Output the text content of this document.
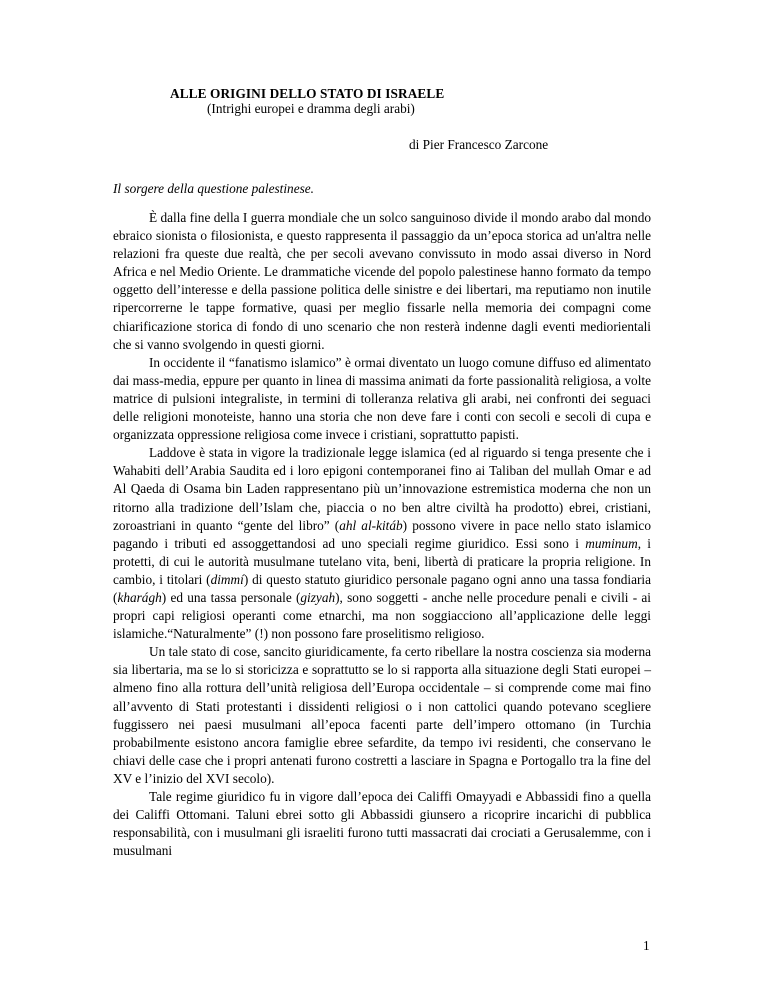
ALLE ORIGINI DELLO STATO DI ISRAELE
(Intrighi europei e dramma degli arabi)
di Pier Francesco Zarcone
Il sorgere della questione palestinese.

È dalla fine della I guerra mondiale che un solco sanguinoso divide il mondo arabo dal mondo ebraico sionista o filosionista, e questo rappresenta il passaggio da un’epoca storica ad un'altra nelle relazioni fra queste due realtà, che per secoli avevano convissuto in modo assai diverso in Nord Africa e nel Medio Oriente. Le drammatiche vicende del popolo palestinese hanno formato da tempo oggetto dell’interesse e della passione politica delle sinistre e dei libertari, ma reputiamo non inutile ripercorrerne le tappe formative, quasi per meglio fissarle nella memoria dei compagni come chiarificazione storica di fondo di uno scenario che non resterà indenne dagli eventi mediorientali che si vanno svolgendo in questi giorni.

In occidente il “fanatismo islamico” è ormai diventato un luogo comune diffuso ed alimentato dai mass-media, eppure per quanto in linea di massima animati da forte passionalità religiosa, a volte matrice di pulsioni integraliste, in termini di tolleranza relativa gli arabi, nei confronti dei seguaci delle religioni monoteiste, hanno una storia che non deve fare i conti con secoli e secoli di cupa e organizzata oppressione religiosa come invece i cristiani, soprattutto papisti.

Laddove è stata in vigore la tradizionale legge islamica (ed al riguardo si tenga presente che i Wahabiti dell’Arabia Saudita ed i loro epigoni contemporanei fino ai Taliban del mullah Omar e ad Al Qaeda di Osama bin Laden rappresentano più un’innovazione estremistica moderna che non un ritorno alla tradizione dell’Islam che, piaccia o no ben altre civiltà ha prodotto) ebrei, cristiani, zoroastriani in quanto “gente del libro” (ahl al-kitáb) possono vivere in pace nello stato islamico pagando i tributi ed assoggettandosi ad uno speciali regime giuridico. Essi sono i muminum, i protetti, di cui le autorità musulmane tutelano vita, beni, libertà di praticare la propria religione. In cambio, i titolari (dimmí) di questo statuto giuridico personale pagano ogni anno una tassa fondiaria (kharágh) ed una tassa personale (gizyah), sono soggetti - anche nelle procedure penali e civili - ai propri capi religiosi operanti come etnarchi, ma non soggiacciono all’applicazione delle leggi islamiche.“Naturalmente” (!) non possono fare proselitismo religioso.

Un tale stato di cose, sancito giuridicamente, fa certo ribellare la nostra coscienza sia moderna sia libertaria, ma se lo si storicizza e soprattutto se lo si rapporta alla situazione degli Stati europei – almeno fino alla rottura dell’unità religiosa dell’Europa occidentale – si comprende come mai fino all’avvento di Stati protestanti i dissidenti religiosi o i non cattolici quando potevano scegliere fuggissero nei paesi musulmani all’epoca facenti parte dell’impero ottomano (in Turchia probabilmente esistono ancora famiglie ebree sefardite, da tempo ivi residenti, che conservano le chiavi delle case che i propri antenati furono costretti a lasciare in Spagna e Portogallo tra la fine del XV e l’inizio del XVI secolo).

Tale regime giuridico fu in vigore dall’epoca dei Califfi Omayyadi e Abbassidi fino a quella dei Califfi Ottomani. Taluni ebrei sotto gli Abbassidi giunsero a ricoprire incarichi di pubblica responsabilità, con i musulmani gli israeliti furono tutti massacrati dai crociati a Gerusalemme, con i musulmani

1
